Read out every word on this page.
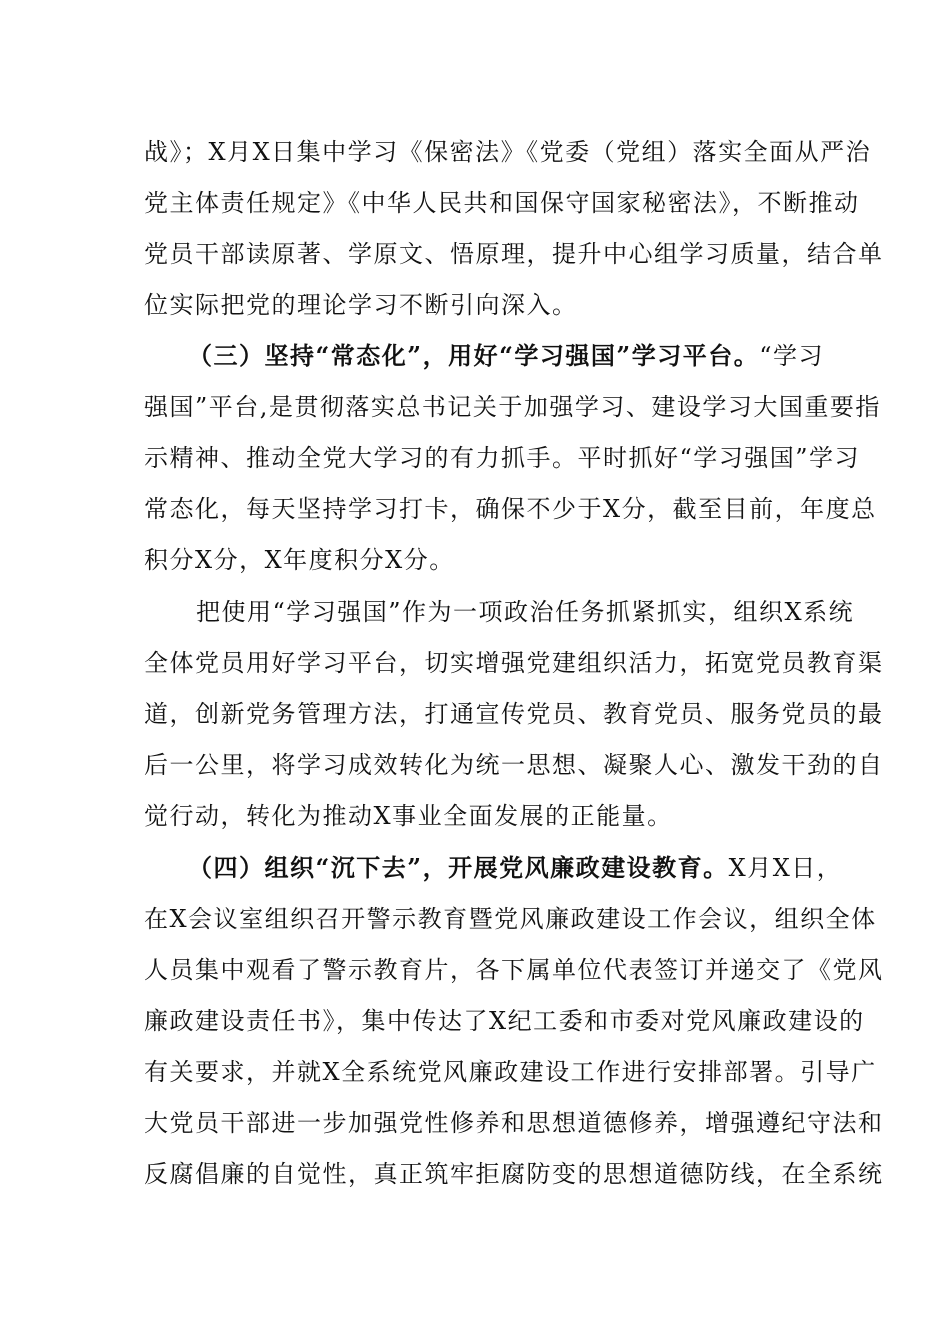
战》；X月X日集中学习《保密法》《党委（党组）落实全面从严治
党主体责任规定》《中华人民共和国保守国家秘密法》，不断推动
党员干部读原著、学原文、悟原理，提升中心组学习质量，结合单
位实际把党的理论学习不断引向深入。
（三）坚持“常态化”，用好“学习强国”学习平台。“学习
强国”平台,是贯彻落实总书记关于加强学习、建设学习大国重要指
示精神、推动全党大学习的有力抓手。平时抓好“学习强国”学习
常态化，每天坚持学习打卡，确保不少于X分，截至目前，年度总
积分X分，X年度积分X分。
把使用“学习强国”作为一项政治任务抓紧抓实，组织X系统
全体党员用好学习平台，切实增强党建组织活力，拓宽党员教育渠
道，创新党务管理方法，打通宣传党员、教育党员、服务党员的最
后一公里，将学习成效转化为统一思想、凝聚人心、激发干劲的自
觉行动，转化为推动X事业全面发展的正能量。
（四）组织“沉下去”，开展党风廉政建设教育。X月X日，
在X会议室组织召开警示教育暨党风廉政建设工作会议，组织全体
人员集中观看了警示教育片，各下属单位代表签订并递交了《党风
廉政建设责任书》，集中传达了X纪工委和市委对党风廉政建设的
有关要求，并就X全系统党风廉政建设工作进行安排部署。引导广
大党员干部进一步加强党性修养和思想道德修养，增强遵纪守法和
反腐倡廉的自觉性，真正筑牢拒腐防变的思想道德防线，在全系统
